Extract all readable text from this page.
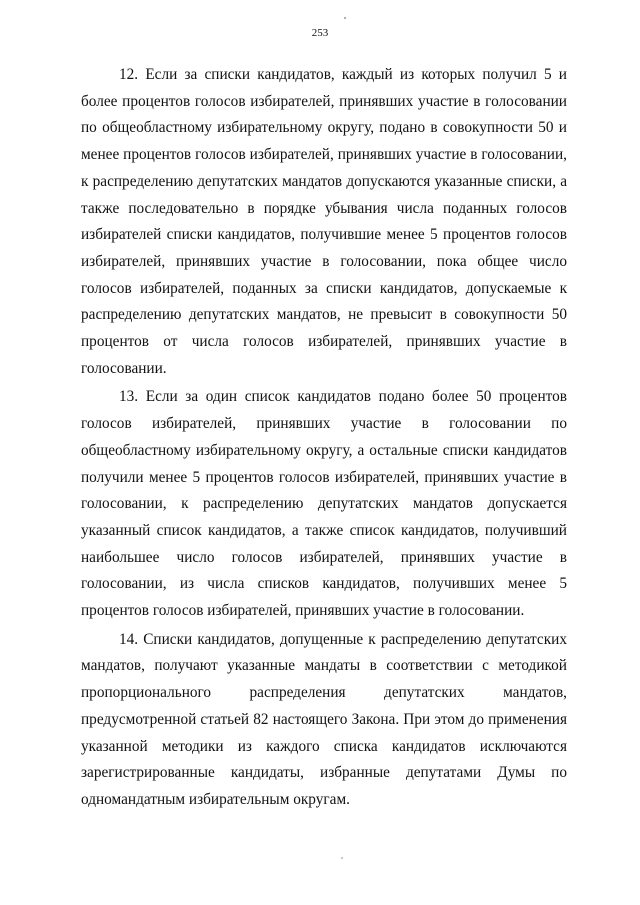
253

12. Если за списки кандидатов, каждый из которых получил 5 и более процентов голосов избирателей, принявших участие в голосовании по общеобластному избирательному округу, подано в совокупности 50 и менее процентов голосов избирателей, принявших участие в голосовании, к распределению депутатских мандатов допускаются указанные списки, а также последовательно в порядке убывания числа поданных голосов избирателей списки кандидатов, получившие менее 5 процентов голосов избирателей, принявших участие в голосовании, пока общее число голосов избирателей, поданных за списки кандидатов, допускаемые к распределению депутатских мандатов, не превысит в совокупности 50 процентов от числа голосов избирателей, принявших участие в голосовании.

13. Если за один список кандидатов подано более 50 процентов голосов избирателей, принявших участие в голосовании по общеобластному избирательному округу, а остальные списки кандидатов получили менее 5 процентов голосов избирателей, принявших участие в голосовании, к распределению депутатских мандатов допускается указанный список кандидатов, а также список кандидатов, получивший наибольшее число голосов избирателей, принявших участие в голосовании, из числа списков кандидатов, получивших менее 5 процентов голосов избирателей, принявших участие в голосовании.

14. Списки кандидатов, допущенные к распределению депутатских мандатов, получают указанные мандаты в соответствии с методикой пропорционального распределения депутатских мандатов, предусмотренной статьей 82 настоящего Закона. При этом до применения указанной методики из каждого списка кандидатов исключаются зарегистрированные кандидаты, избранные депутатами Думы по одномандатным избирательным округам.
